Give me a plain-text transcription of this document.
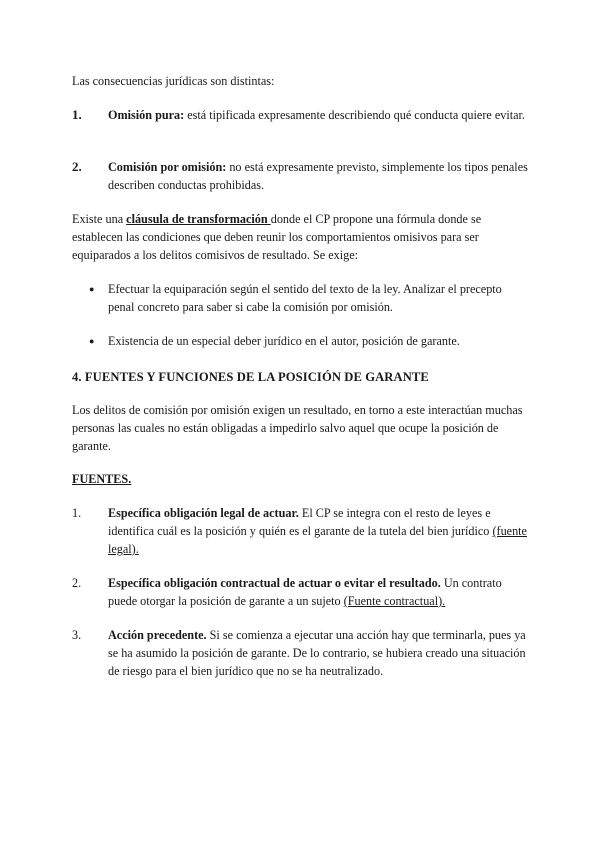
Las consecuencias jurídicas son distintas:
1.	Omisión pura: está tipificada expresamente describiendo qué conducta quiere evitar.
2.	Comisión por omisión: no está expresamente previsto, simplemente los tipos penales describen conductas prohibidas.
Existe una cláusula de transformación donde el CP propone una fórmula donde se establecen las condiciones que deben reunir los comportamientos omisivos para ser equiparados a los delitos comisivos de resultado. Se exige:
●	Efectuar la equiparación según el sentido del texto de la ley. Analizar el precepto penal concreto para saber si cabe la comisión por omisión.
●	Existencia de un especial deber jurídico en el autor, posición de garante.
4. FUENTES Y FUNCIONES DE LA POSICIÓN DE GARANTE
Los delitos de comisión por omisión exigen un resultado, en torno a este interactúan muchas personas las cuales no están obligadas a impedirlo salvo aquel que ocupe la posición de garante.
FUENTES.
1.	Específica obligación legal de actuar. El CP se integra con el resto de leyes e identifica cuál es la posición y quién es el garante de la tutela del bien jurídico (fuente legal).
2.	Específica obligación contractual de actuar o evitar el resultado. Un contrato puede otorgar la posición de garante a un sujeto (Fuente contractual).
3.	Acción precedente. Si se comienza a ejecutar una acción hay que terminarla, pues ya se ha asumido la posición de garante. De lo contrario, se hubiera creado una situación de riesgo para el bien jurídico que no se ha neutralizado.
